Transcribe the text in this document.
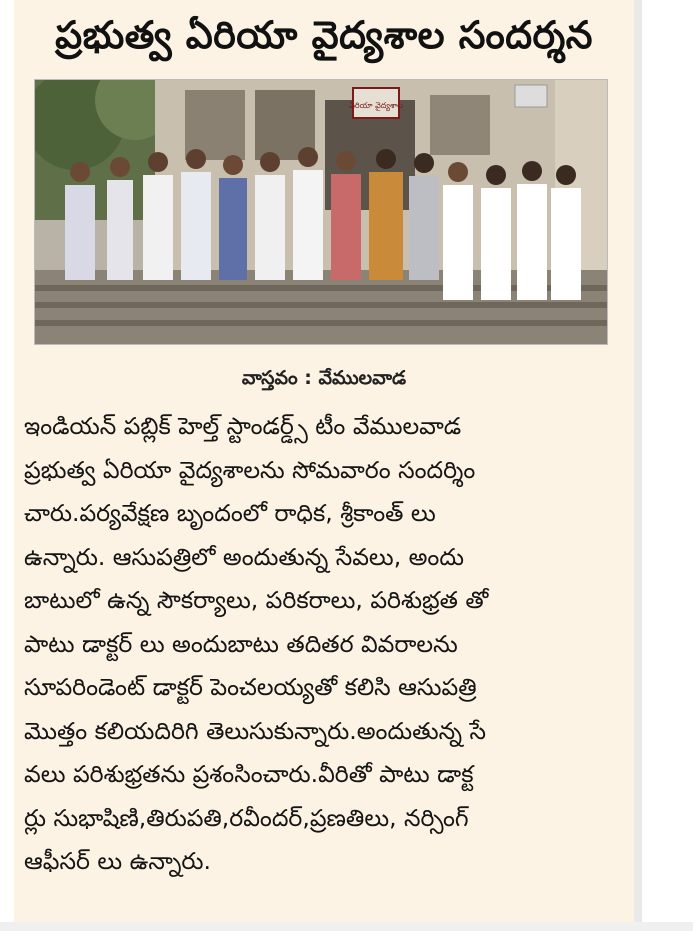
ప్రభుత్వ ఏరియా వైద్యశాల సందర్శన
ఏరియా వైద్యశాల
వాస్తవం : వేములవాడ
ఇండియన్ పబ్లిక్ హెల్త్ స్టాండర్డ్స్ టీం వేములవాడ
ప్రభుత్వ ఏరియా వైద్యశాలను సోమవారం సందర్శిం
చారు.పర్యవేక్షణ బృందంలో రాధిక, శ్రీకాంత్ లు
ఉన్నారు. ఆసుపత్రిలో అందుతున్న సేవలు, అందు
బాటులో ఉన్న సౌకర్యాలు, పరికరాలు, పరిశుభ్రత తో
పాటు డాక్టర్ లు అందుబాటు తదితర వివరాలను
సూపరిండెంట్ డాక్టర్ పెంచలయ్యతో కలిసి ఆసుపత్రి
మొత్తం కలియదిరిగి తెలుసుకున్నారు.అందుతున్న సే
వలు పరిశుభ్రతను ప్రశంసించారు.వీరితో పాటు డాక్ట
ర్లు సుభాషిణి,తిరుపతి,రవీందర్,ప్రణతిలు, నర్సింగ్
ఆఫీసర్ లు ఉన్నారు.
